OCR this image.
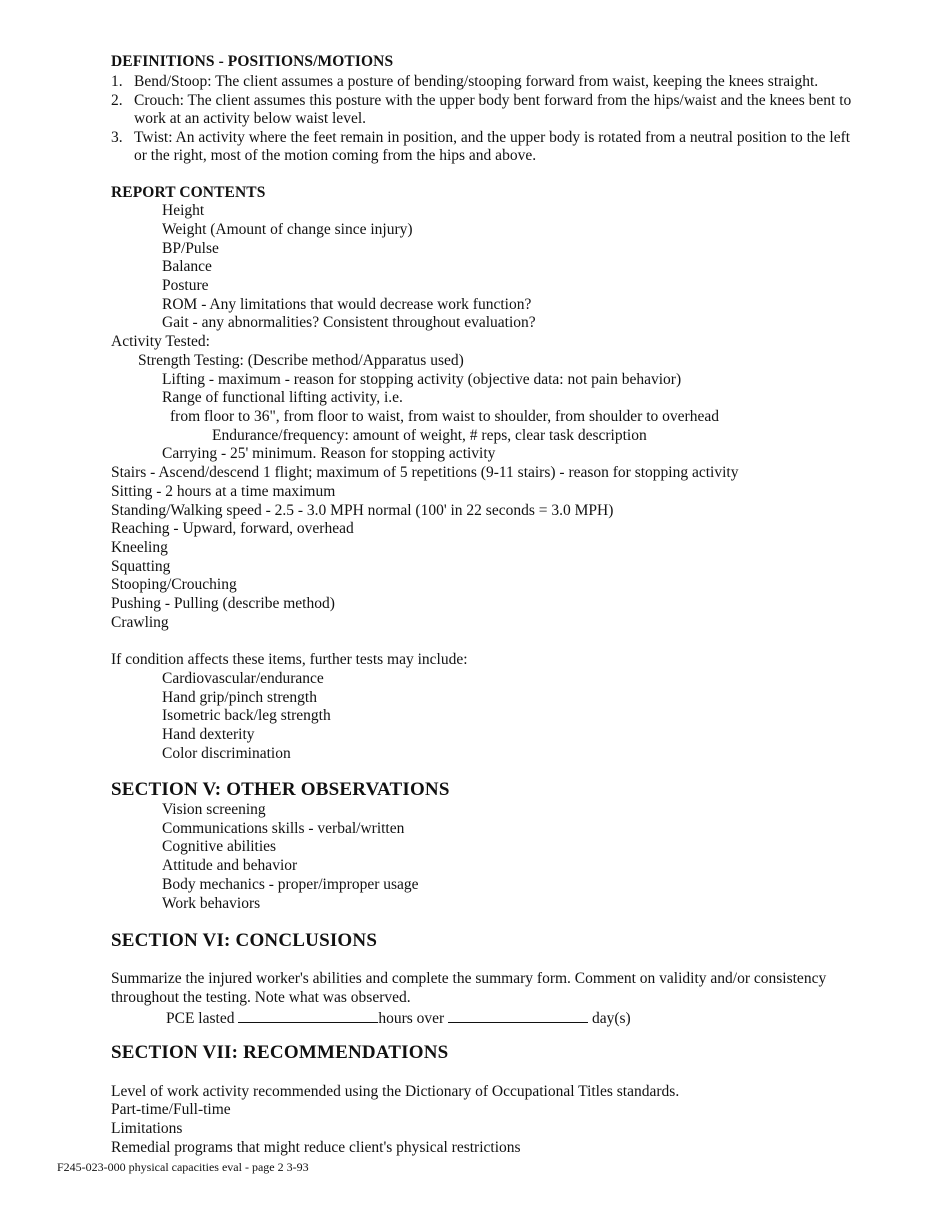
DEFINITIONS - POSITIONS/MOTIONS
1. Bend/Stoop: The client assumes a posture of bending/stooping forward from waist, keeping the knees straight.
2. Crouch: The client assumes this posture with the upper body bent forward from the hips/waist and the knees bent to
work at an activity below waist level.
3. Twist: An activity where the feet remain in position, and the upper body is rotated from a neutral position to the left
or the right, most of the motion coming from the hips and above.
REPORT CONTENTS
Height
Weight (Amount of change since injury)
BP/Pulse
Balance
Posture
ROM - Any limitations that would decrease work function?
Gait - any abnormalities? Consistent throughout evaluation?
Activity Tested:
Strength Testing: (Describe method/Apparatus used)
Lifting - maximum - reason for stopping activity (objective data: not pain behavior)
Range of functional lifting activity, i.e.
from floor to 36", from floor to waist, from waist to shoulder, from shoulder to overhead
Endurance/frequency: amount of weight, # reps, clear task description
Carrying - 25' minimum. Reason for stopping activity
Stairs - Ascend/descend 1 flight; maximum of 5 repetitions (9-11 stairs) - reason for stopping activity
Sitting - 2 hours at a time maximum
Standing/Walking speed - 2.5 - 3.0 MPH normal (100' in 22 seconds = 3.0 MPH)
Reaching - Upward, forward, overhead
Kneeling
Squatting
Stooping/Crouching
Pushing - Pulling (describe method)
Crawling
If condition affects these items, further tests may include:
Cardiovascular/endurance
Hand grip/pinch strength
Isometric back/leg strength
Hand dexterity
Color discrimination
SECTION V: OTHER OBSERVATIONS
Vision screening
Communications skills - verbal/written
Cognitive abilities
Attitude and behavior
Body mechanics - proper/improper usage
Work behaviors
SECTION VI: CONCLUSIONS
Summarize the injured worker's abilities and complete the summary form. Comment on validity and/or consistency
throughout the testing. Note what was observed.
PCE lasted	hours over	day(s)
SECTION VII: RECOMMENDATIONS
Level of work activity recommended using the Dictionary of Occupational Titles standards.
Part-time/Full-time
Limitations
Remedial programs that might reduce client's physical restrictions
F245-023-000 physical capacities eval - page 2 3-93
